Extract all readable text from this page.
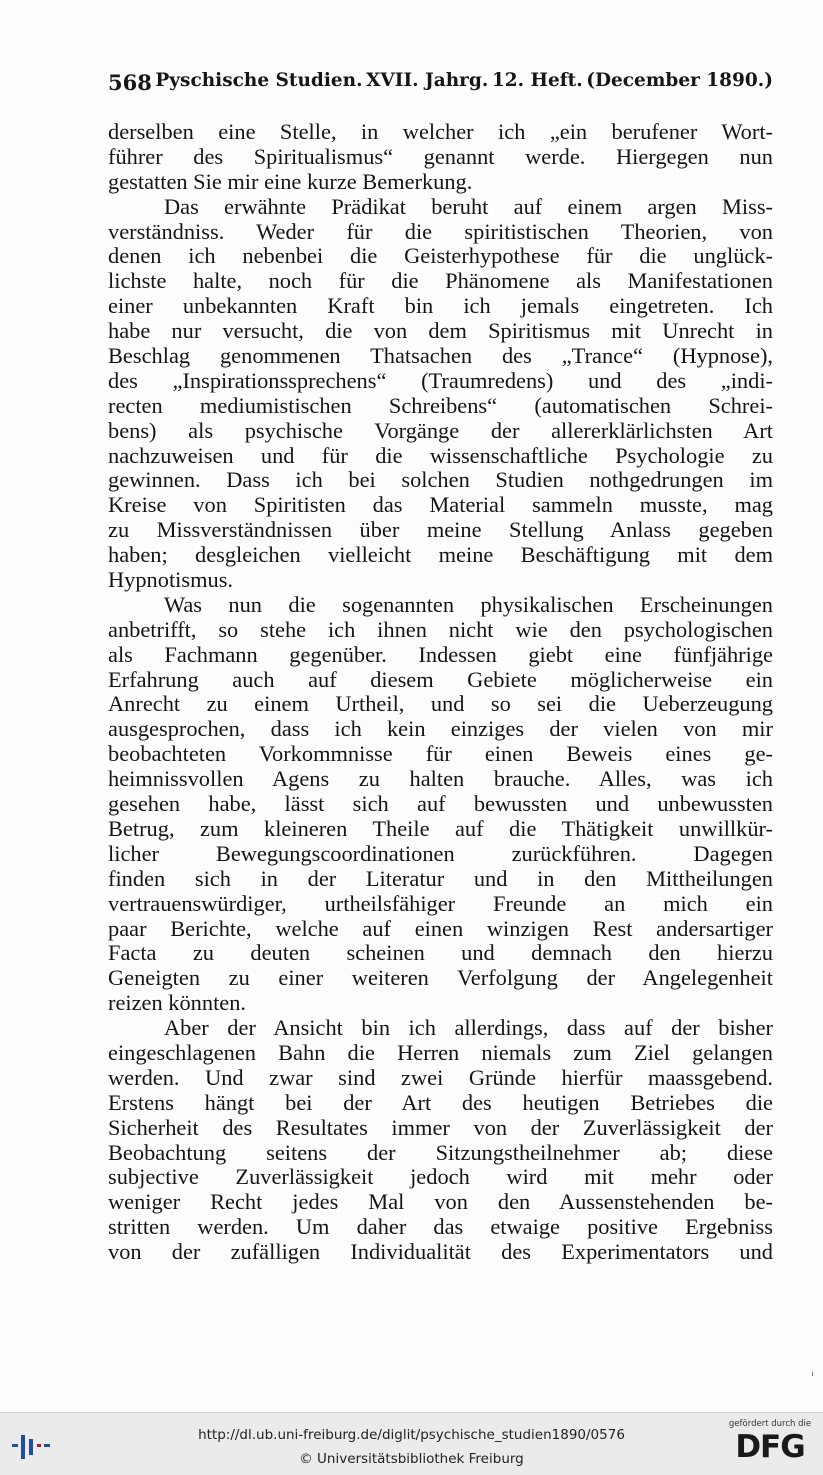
568 Pyschische Studien. XVII. Jahrg. 12. Heft. (December 1890.)
derselben eine Stelle, in welcher ich „ein berufener Wort-
führer des Spiritualismus“ genannt werde. Hiergegen nun
gestatten Sie mir eine kurze Bemerkung.
Das erwähnte Prädikat beruht auf einem argen Miss-
verständniss. Weder für die spiritistischen Theorien, von
denen ich nebenbei die Geisterhypothese für die unglück-
lichste halte, noch für die Phänomene als Manifestationen
einer unbekannten Kraft bin ich jemals eingetreten. Ich
habe nur versucht, die von dem Spiritismus mit Unrecht in
Beschlag genommenen Thatsachen des „Trance“ (Hypnose),
des „Inspirationssprechens“ (Traumredens) und des „indi-
recten mediumistischen Schreibens“ (automatischen Schrei-
bens) als psychische Vorgänge der allererklärlichsten Art
nachzuweisen und für die wissenschaftliche Psychologie zu
gewinnen. Dass ich bei solchen Studien nothgedrungen im
Kreise von Spiritisten das Material sammeln musste, mag
zu Missverständnissen über meine Stellung Anlass gegeben
haben; desgleichen vielleicht meine Beschäftigung mit dem
Hypnotismus.
Was nun die sogenannten physikalischen Erscheinungen
anbetrifft, so stehe ich ihnen nicht wie den psychologischen
als Fachmann gegenüber. Indessen giebt eine fünfjährige
Erfahrung auch auf diesem Gebiete möglicherweise ein
Anrecht zu einem Urtheil, und so sei die Ueberzeugung
ausgesprochen, dass ich kein einziges der vielen von mir
beobachteten Vorkommnisse für einen Beweis eines ge-
heimnissvollen Agens zu halten brauche. Alles, was ich
gesehen habe, lässt sich auf bewussten und unbewussten
Betrug, zum kleineren Theile auf die Thätigkeit unwillkür-
licher Bewegungscoordinationen zurückführen. Dagegen
finden sich in der Literatur und in den Mittheilungen
vertrauenswürdiger, urtheilsfähiger Freunde an mich ein
paar Berichte, welche auf einen winzigen Rest andersartiger
Facta zu deuten scheinen und demnach den hierzu
Geneigten zu einer weiteren Verfolgung der Angelegenheit
reizen könnten.
Aber der Ansicht bin ich allerdings, dass auf der bisher
eingeschlagenen Bahn die Herren niemals zum Ziel gelangen
werden. Und zwar sind zwei Gründe hierfür maassgebend.
Erstens hängt bei der Art des heutigen Betriebes die
Sicherheit des Resultates immer von der Zuverlässigkeit der
Beobachtung seitens der Sitzungstheilnehmer ab; diese
subjective Zuverlässigkeit jedoch wird mit mehr oder
weniger Recht jedes Mal von den Aussenstehenden be-
stritten werden. Um daher das etwaige positive Ergebniss
von der zufälligen Individualität des Experimentators und
http://dl.ub.uni-freiburg.de/diglit/psychische_studien1890/0576
© Universitätsbibliothek Freiburg
gefördert durch die
DFG
